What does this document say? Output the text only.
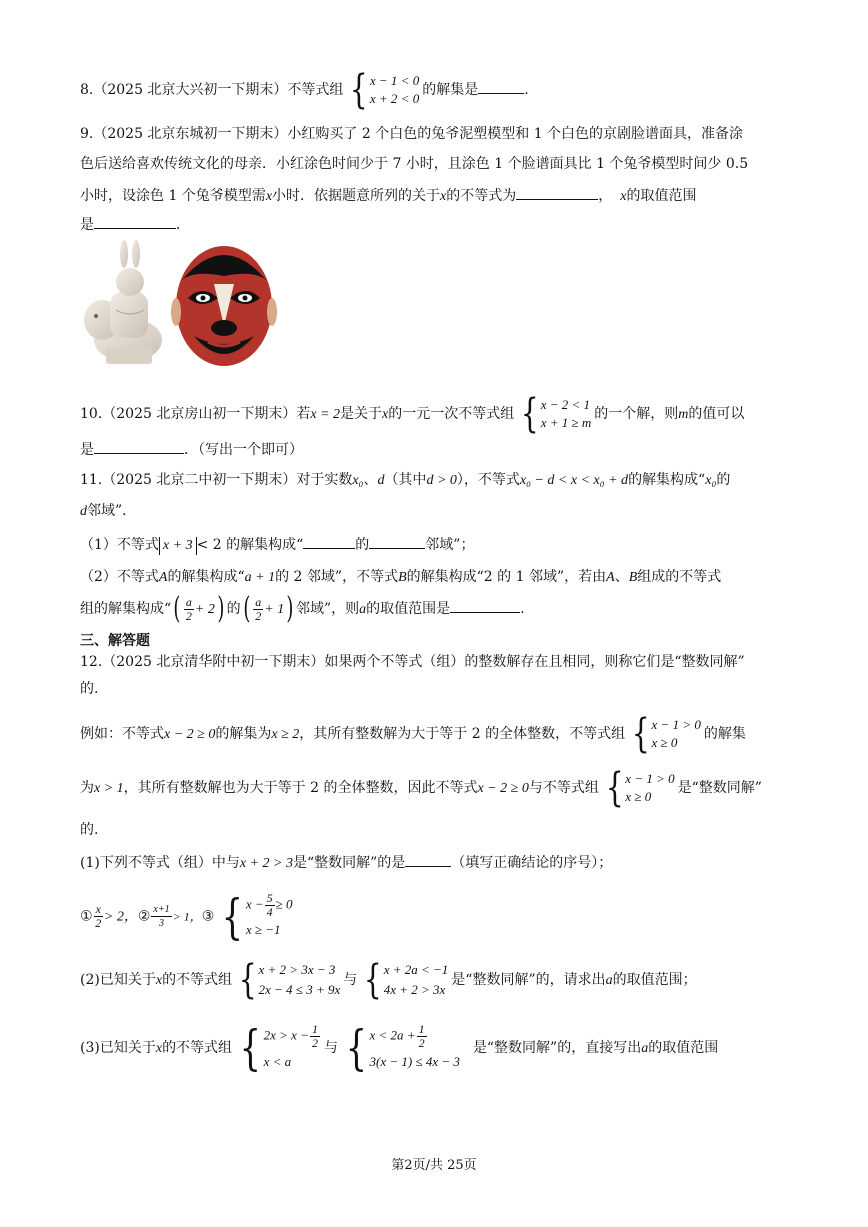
8.（2025 北京大兴初一下期末）不等式组 { x − 1 < 0
x + 2 < 0
的解集是	.
9.（2025 北京东城初一下期末）小红购买了 2 个白色的兔爷泥塑模型和 1 个白色的京剧脸谱面具，准备涂
色后送给喜欢传统文化的母亲．小红涂色时间少于 7 小时，且涂色 1 个脸谱面具比 1 个兔爷模型时间少 0.5
小时，设涂色 1 个兔爷模型需x小时．依据题意所列的关于x的不等式为	， x的取值范围
是	．
10.（2025 北京房山初一下期末）若x = 2是关于x的一元一次不等式组 { x − 2 < 1
x + 1 ≥ m
的一个解，则m的值可以
是	．（写出一个即可）
11.（2025 北京二中初一下期末）对于实数x₀、d（其中d > 0），不等式x₀ − d < x < x₀ + d的解集构成“x₀的
d邻域”．
（1）不等式 x + 3 < 2 的解集构成“	的	邻域”；
（2）不等式A的解集构成“a + 1的 2 邻域”，不等式B的解集构成“2 的 1 邻域”，若由A、B组成的不等式
组的解集构成“( $\frac{a}{2} + 2$) 的( $\frac{a}{2} + 1$) 邻域”，则a的取值范围是	.
三、解答题
12.（2025 北京清华附中初一下期末）如果两个不等式（组）的整数解存在且相同，则称它们是“整数同解”
的.
例如：不等式x − 2 ≥ 0的解集为x ≥ 2，其所有整数解为大于等于 2 的全体整数，不等式组 { x − 1 > 0
x ≥ 0
的解集
为x > 1，其所有整数解也为大于等于 2 的全体整数，因此不等式x − 2 ≥ 0与不等式组 { x − 1 > 0
x ≥ 0
是“整数同解”
的.
(1)下列不等式（组）中与x + 2 > 3是“整数同解”的是	（填写正确结论的序号）；
① $\frac{x}{2} > 2$，② $\frac{x+1}{3} > 1$，③ { $x - \frac{5}{4} \ge 0$
x ≥ −1
(2)已知关于x的不等式组 { x + 2 > 3x − 3
2x − 4 ≤ 3 + 9x
与 { x + 2a < −1
4x + 2 > 3x
是“整数同解”的，请求出a的取值范围；
(3)已知关于x的不等式组 { $2x > x - \frac{1}{2}$
x < a
与 { $x < 2a + \frac{1}{2}$
3(x − 1) ≤ 4x − 3
是“整数同解”的，直接写出a的取值范围
第2页/共 25页
